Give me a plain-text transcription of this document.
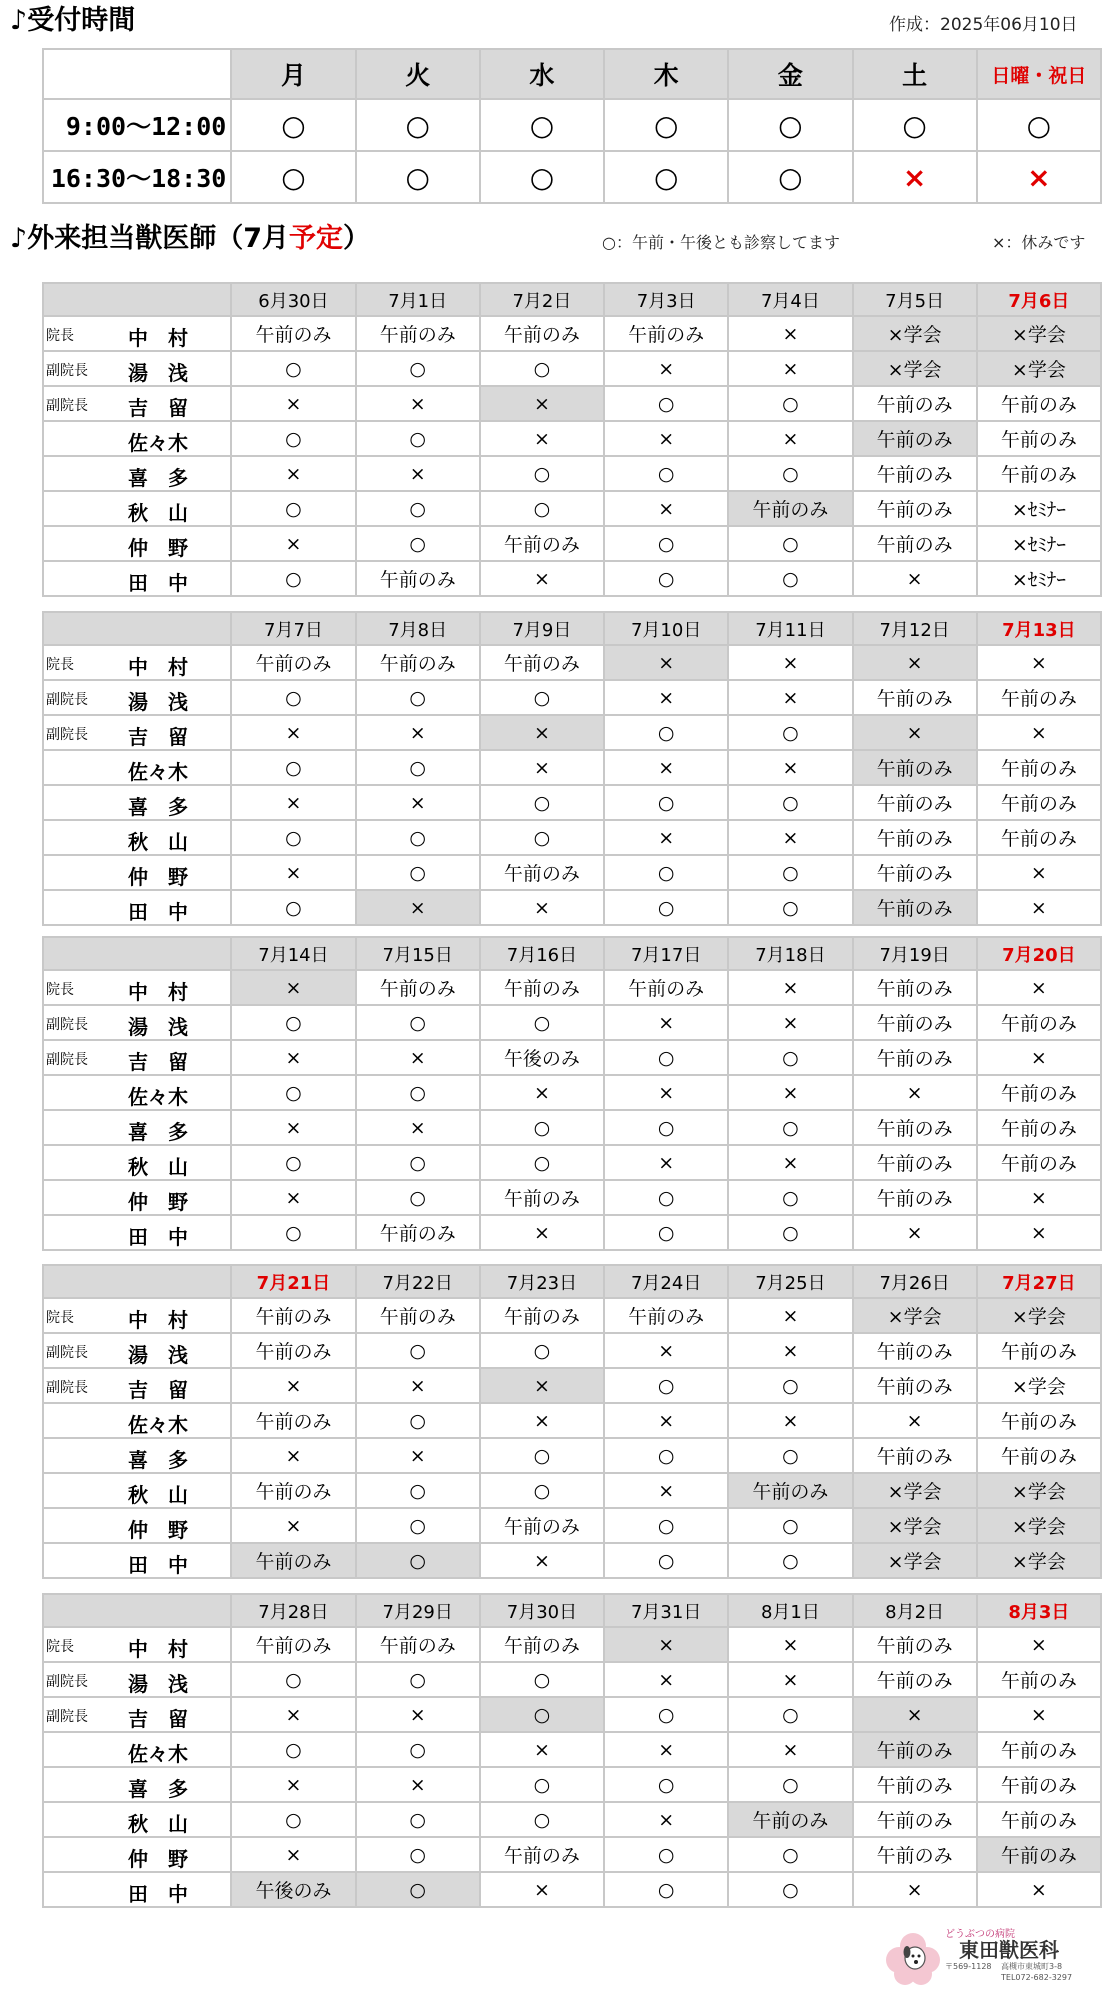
♪受付時間	作成：2025年06月10日
	月	火	水	木	金	土	日曜・祝日
9:00～12:00	○	○	○	○	○	○	○
16:30～18:30	○	○	○	○	○	×	×
♪外来担当獣医師（7月予定）	○：午前・午後とも診察してます	×：休みです
	6月30日	7月1日	7月2日	7月3日	7月4日	7月5日	7月6日

院長 中　村	午前のみ	午前のみ	午前のみ	午前のみ	×	×学会	×学会

副院長 湯　浅	○	○	○	×	×	×学会	×学会

副院長 吉　留	×	×	×	○	○	午前のみ	午前のみ

佐々木	○	○	×	×	×	午前のみ	午前のみ

喜　多	×	×	○	○	○	午前のみ	午前のみ

秋　山	○	○	○	×	午前のみ	午前のみ	×ｾﾐﾅｰ

仲　野	×	○	午前のみ	○	○	午前のみ	×ｾﾐﾅｰ

田　中	○	午前のみ	×	○	○	×	×ｾﾐﾅｰ
	7月7日	7月8日	7月9日	7月10日	7月11日	7月12日	7月13日

院長 中　村	午前のみ	午前のみ	午前のみ	×	×	×	×

副院長 湯　浅	○	○	○	×	×	午前のみ	午前のみ

副院長 吉　留	×	×	×	○	○	×	×

佐々木	○	○	×	×	×	午前のみ	午前のみ

喜　多	×	×	○	○	○	午前のみ	午前のみ

秋　山	○	○	○	×	×	午前のみ	午前のみ

仲　野	×	○	午前のみ	○	○	午前のみ	×

田　中	○	×	×	○	○	午前のみ	×
	7月14日	7月15日	7月16日	7月17日	7月18日	7月19日	7月20日

院長 中　村	×	午前のみ	午前のみ	午前のみ	×	午前のみ	×

副院長 湯　浅	○	○	○	×	×	午前のみ	午前のみ

副院長 吉　留	×	×	午後のみ	○	○	午前のみ	×

佐々木	○	○	×	×	×	×	午前のみ

喜　多	×	×	○	○	○	午前のみ	午前のみ

秋　山	○	○	○	×	×	午前のみ	午前のみ

仲　野	×	○	午前のみ	○	○	午前のみ	×

田　中	○	午前のみ	×	○	○	×	×
	7月21日	7月22日	7月23日	7月24日	7月25日	7月26日	7月27日

院長 中　村	午前のみ	午前のみ	午前のみ	午前のみ	×	×学会	×学会

副院長 湯　浅	午前のみ	○	○	×	×	午前のみ	午前のみ

副院長 吉　留	×	×	×	○	○	午前のみ	×学会

佐々木	午前のみ	○	×	×	×	×	午前のみ

喜　多	×	×	○	○	○	午前のみ	午前のみ

秋　山	午前のみ	○	○	×	午前のみ	×学会	×学会

仲　野	×	○	午前のみ	○	○	×学会	×学会

田　中	午前のみ	○	×	○	○	×学会	×学会
	7月28日	7月29日	7月30日	7月31日	8月1日	8月2日	8月3日

院長 中　村	午前のみ	午前のみ	午前のみ	×	×	午前のみ	×

副院長 湯　浅	○	○	○	×	×	午前のみ	午前のみ

副院長 吉　留	×	×	○	○	○	×	×

佐々木	○	○	×	×	×	午前のみ	午前のみ

喜　多	×	×	○	○	○	午前のみ	午前のみ

秋　山	○	○	○	×	午前のみ	午前のみ	午前のみ

仲　野	×	○	午前のみ	○	○	午前のみ	午前のみ

田　中	午後のみ	○	×	○	○	×	×
どうぶつの病院
東田獣医科
〒569-1128 高槻市東城町3-8
TEL072-682-3297
